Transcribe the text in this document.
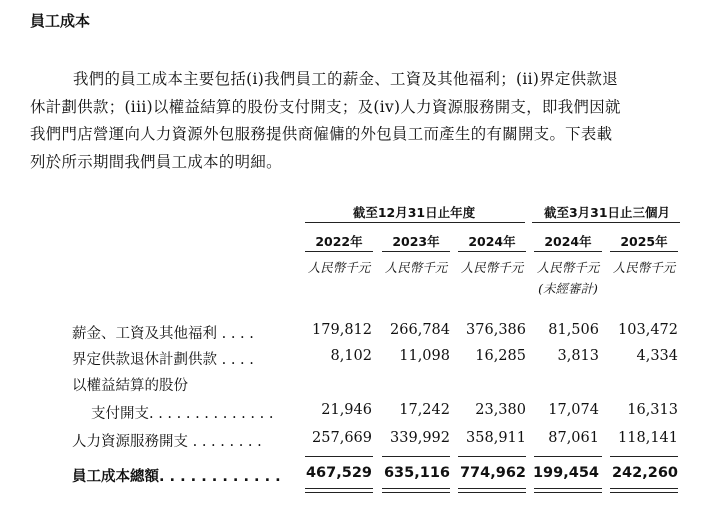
員工成本
我們的員工成本主要包括(i)我們員工的薪金、工資及其他福利；(ii)界定供款退
休計劃供款；(iii)以權益結算的股份支付開支；及(iv)人力資源服務開支，即我們因就
我們門店營運向人力資源外包服務提供商僱傭的外包員工而產生的有關開支。下表載
列於所示期間我們員工成本的明細。
截至12月31日止年度	截至3月31日止三個月
2022年	2023年	2024年	2024年	2025年
人民幣千元	人民幣千元	人民幣千元	人民幣千元	人民幣千元
(未經審計)
薪金、工資及其他福利 . . . .	179,812	266,784	376,386	81,506	103,472
界定供款退休計劃供款 . . . .	8,102	11,098	16,285	3,813	4,334
以權益結算的股份
支付開支. . . . . . . . . . . . . .	21,946	17,242	23,380	17,074	16,313
人力資源服務開支 . . . . . . . .	257,669	339,992	358,911	87,061	118,141
員工成本總額. . . . . . . . . . . .	467,529 635,116 774,962 199,454 242,260
